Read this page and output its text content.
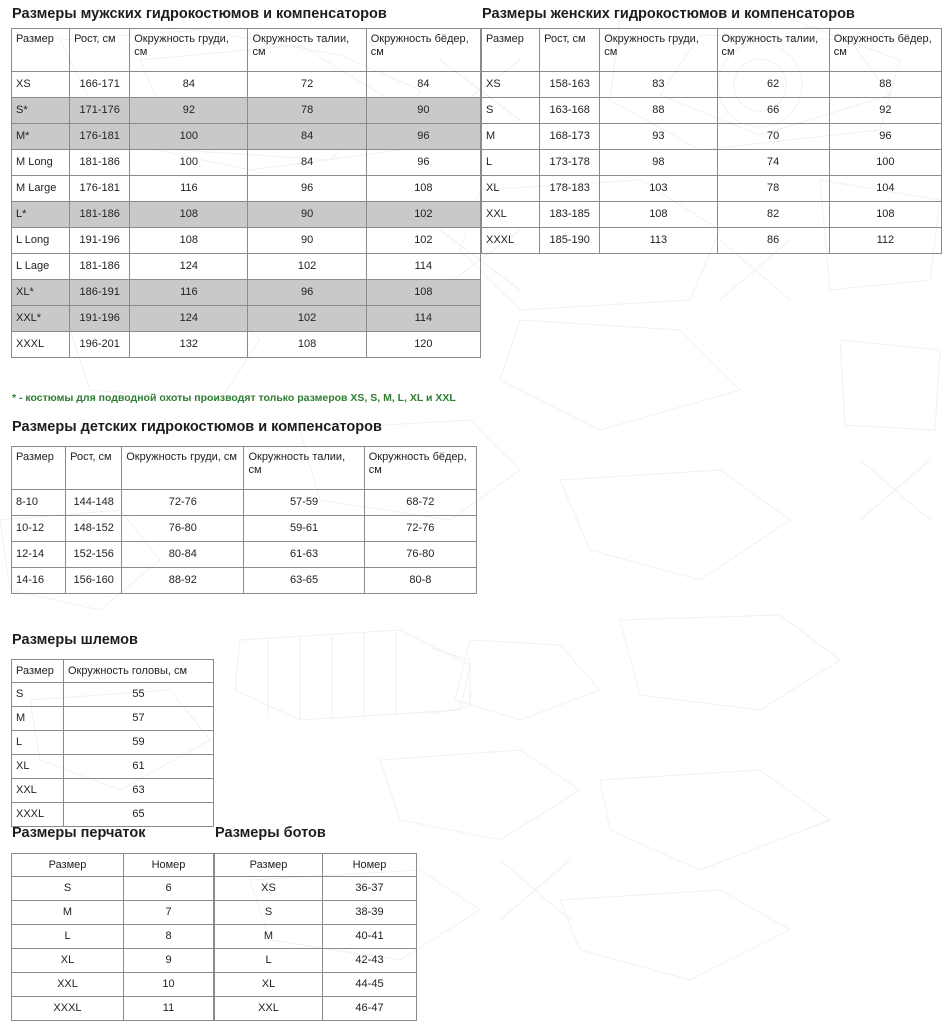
Размеры мужских гидрокостюмов и компенсаторов
Размер	Рост, см	Окружность груди, см	Окружность талии, см	Окружность бёдер, см
XS	166-171	84	72	84
S*	171-176	92	78	90
M*	176-181	100	84	96
M Long	181-186	100	84	96
M Large	176-181	116	96	108
L*	181-186	108	90	102
L Long	191-196	108	90	102
L Lage	181-186	124	102	114
XL*	186-191	116	96	108
XXL*	191-196	124	102	114
XXXL	196-201	132	108	120
* - костюмы для подводной охоты производят только размеров XS, S, M, L, XL и XXL
Размеры женских гидрокостюмов и компенсаторов
Размер	Рост, см	Окружность груди, см	Окружность талии, см	Окружность бёдер, см
XS	158-163	83	62	88
S	163-168	88	66	92
M	168-173	93	70	96
L	173-178	98	74	100
XL	178-183	103	78	104
XXL	183-185	108	82	108
XXXL	185-190	113	86	112
Размеры детских гидрокостюмов и компенсаторов
Размер	Рост, см	Окружность груди, см	Окружность талии, см	Окружность бёдер, см
8-10	144-148	72-76	57-59	68-72
10-12	148-152	76-80	59-61	72-76
12-14	152-156	80-84	61-63	76-80
14-16	156-160	88-92	63-65	80-8
Размеры шлемов
Размер	Окружность головы, см
S	55
M	57
L	59
XL	61
XXL	63
XXXL	65
Размеры перчаток
Размер	Номер
S	6
M	7
L	8
XL	9
XXL	10
XXXL	11
Размеры ботов
Размер	Номер
XS	36-37
S	38-39
M	40-41
L	42-43
XL	44-45
XXL	46-47
